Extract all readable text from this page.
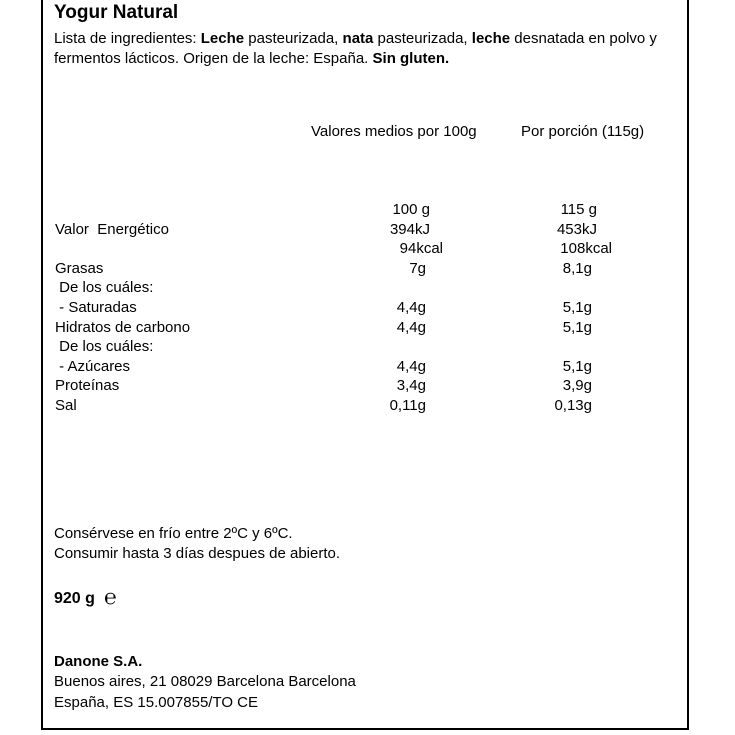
Yogur Natural
Lista de ingredientes: Leche pasteurizada, nata pasteurizada, leche desnatada en polvo y fermentos lácticos. Origen de la leche: España. Sin gluten.
Valores medios por 100g	Por porción (115g)
100 g	115 g
Valor  Energético	394kJ	453kJ
94kcal	108kcal
Grasas	7g	8,1g
De los cuáles:
- Saturadas	4,4g	5,1g
Hidratos de carbono	4,4g	5,1g
De los cuáles:
- Azúcares	4,4g	5,1g
Proteínas	3,4g	3,9g
Sal	0,11g	0,13g
Consérvese en frío entre 2ºC y 6ºC.
Consumir hasta 3 días despues de abierto.
920 g ℮
Danone S.A.
Buenos aires, 21 08029 Barcelona Barcelona
España, ES 15.007855/TO CE
